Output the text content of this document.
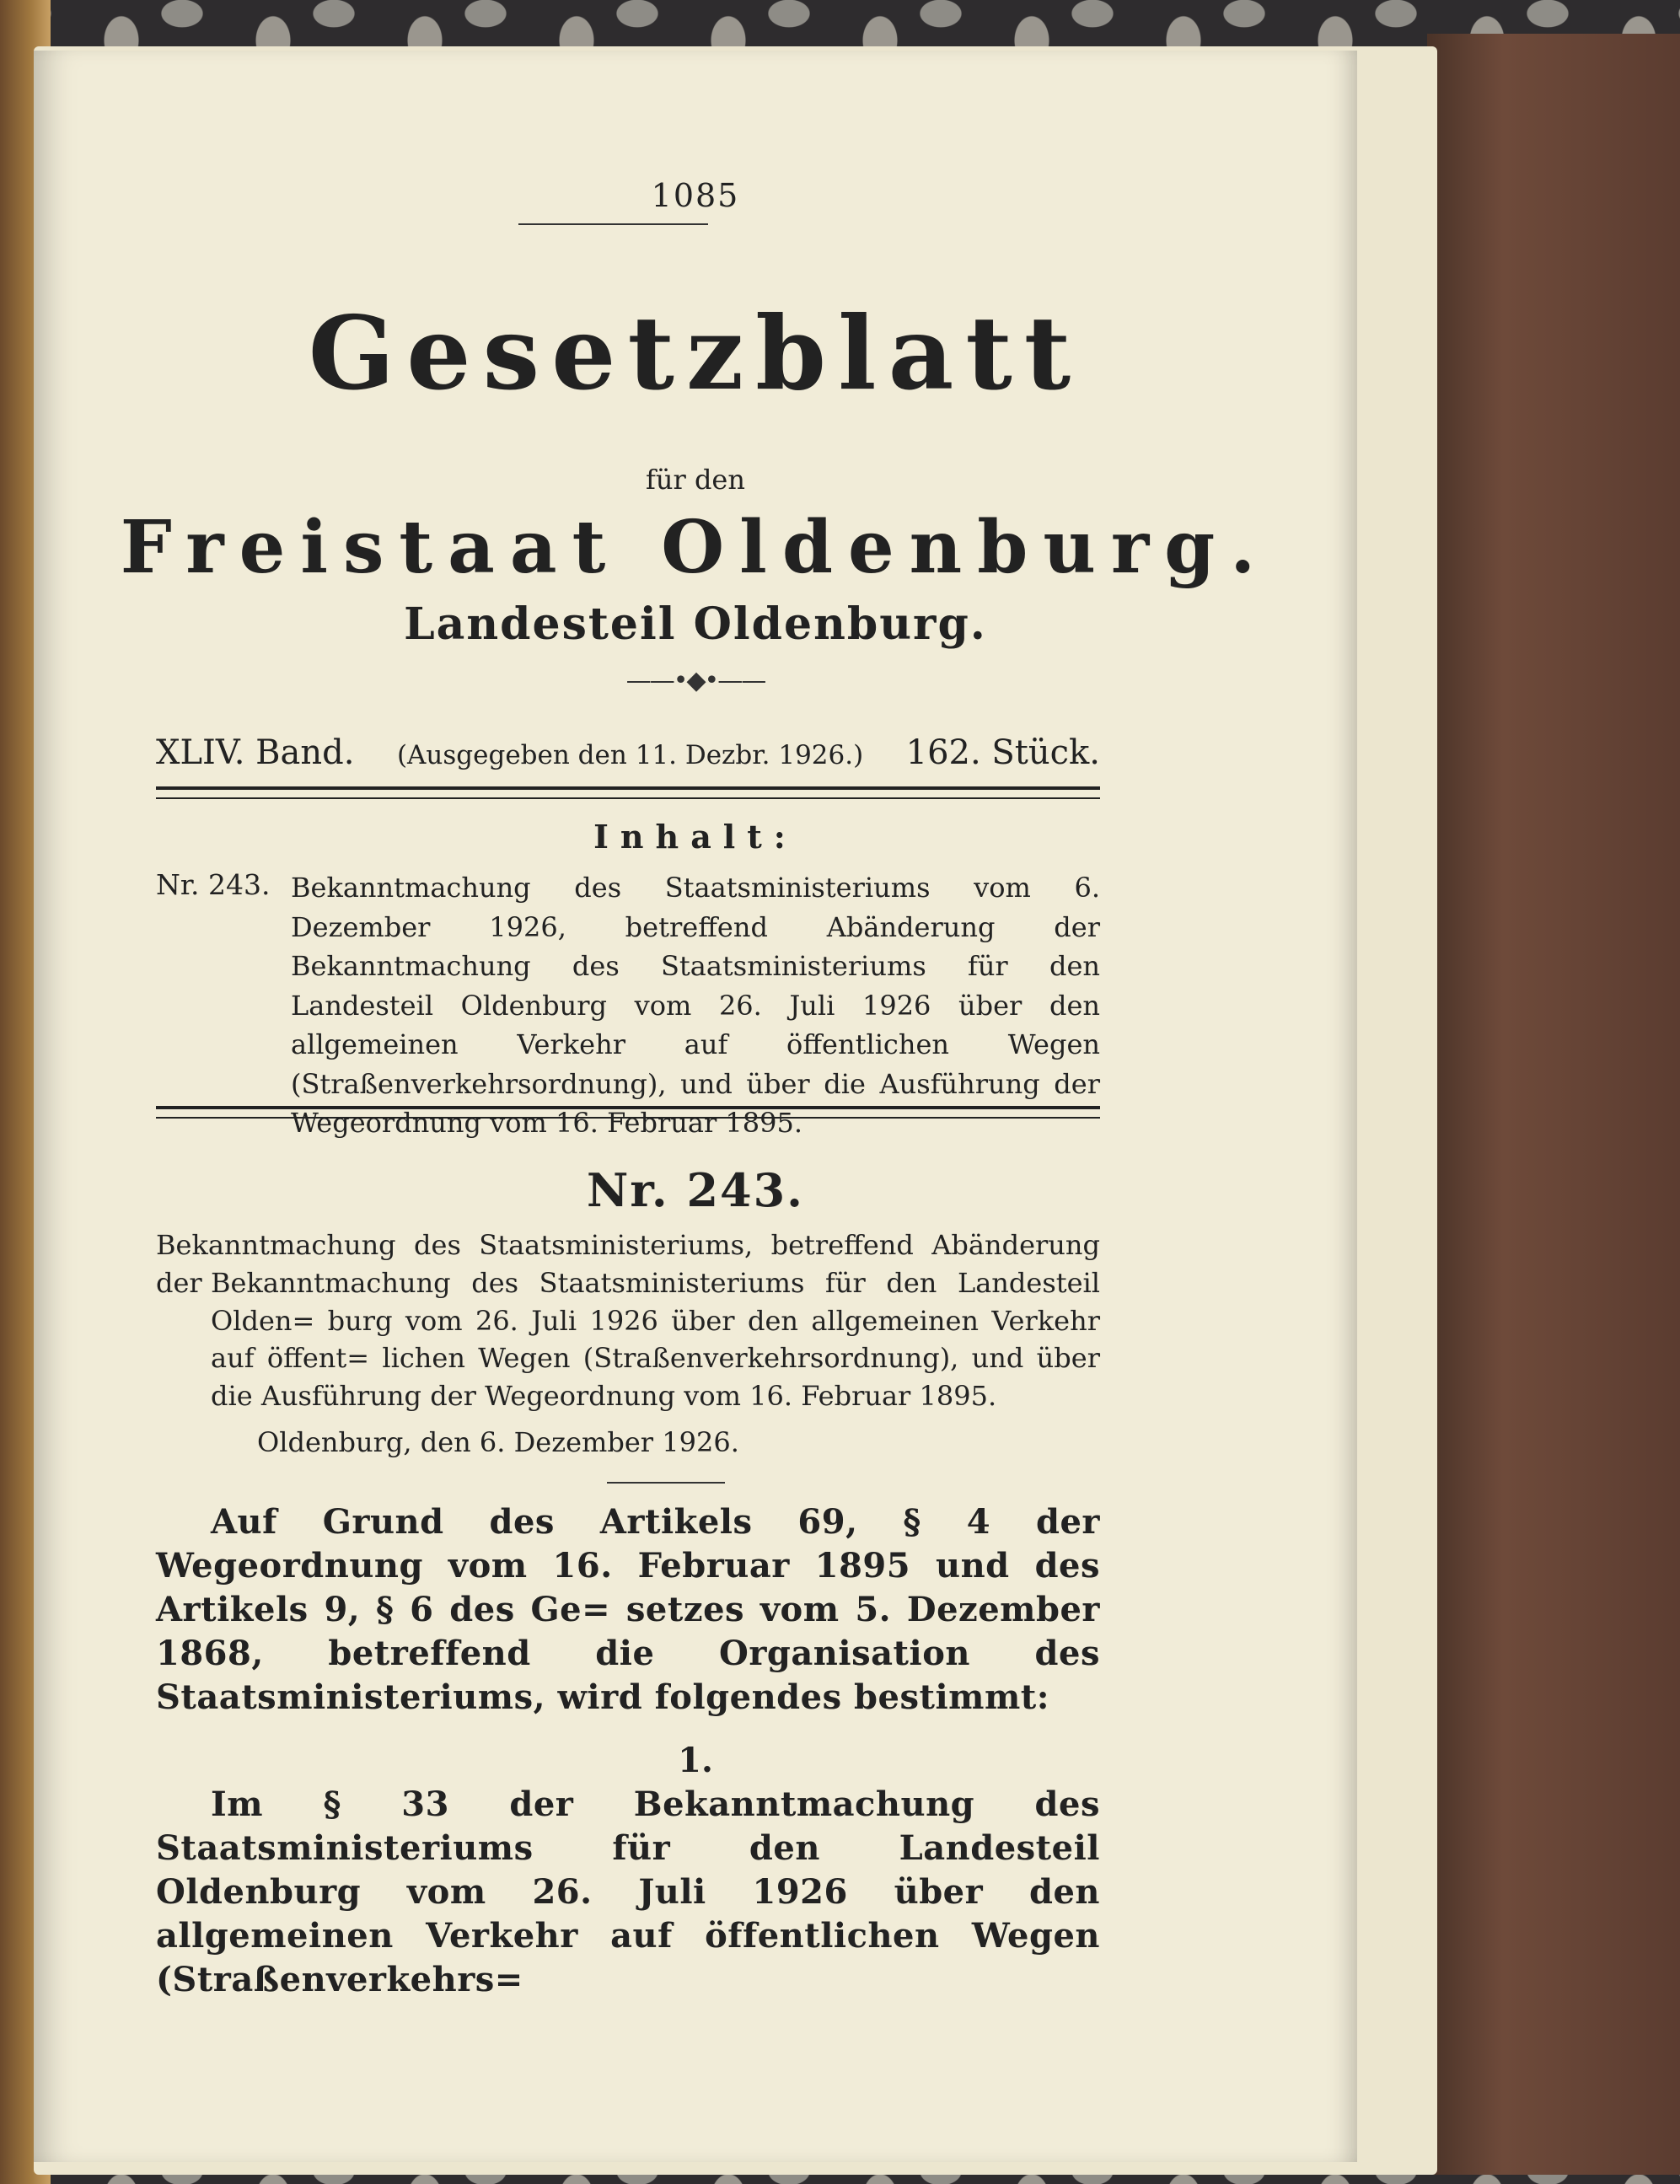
1085
Gesetzblatt
für den
Freistaat Oldenburg.
Landesteil Oldenburg.
——•◆•——
XLIV. Band. (Ausgegeben den 11. Dezbr. 1926.) 162. Stück.
Inhalt:
Nr. 243. Bekanntmachung des Staatsministeriums vom 6. Dezember 1926, betreffend Abänderung der Bekanntmachung des Staatsministeriums für den Landesteil Oldenburg vom 26. Juli 1926 über den allgemeinen Verkehr auf öffentlichen Wegen (Straßenverkehrsordnung), und über die Ausführung der Wegeordnung vom 16. Februar 1895.
Nr. 243.
Bekanntmachung des Staatsministeriums, betreffend Abänderung der Bekanntmachung des Staatsministeriums für den Landesteil Olden= burg vom 26. Juli 1926 über den allgemeinen Verkehr auf öffent= lichen Wegen (Straßenverkehrsordnung), und über die Ausführung der Wegeordnung vom 16. Februar 1895.
Oldenburg, den 6. Dezember 1926.
Auf Grund des Artikels 69, § 4 der Wegeordnung vom 16. Februar 1895 und des Artikels 9, § 6 des Ge= setzes vom 5. Dezember 1868, betreffend die Organisation des Staatsministeriums, wird folgendes bestimmt:
1.
Im § 33 der Bekanntmachung des Staatsministeriums für den Landesteil Oldenburg vom 26. Juli 1926 über den allgemeinen Verkehr auf öffentlichen Wegen (Straßenverkehrs=
